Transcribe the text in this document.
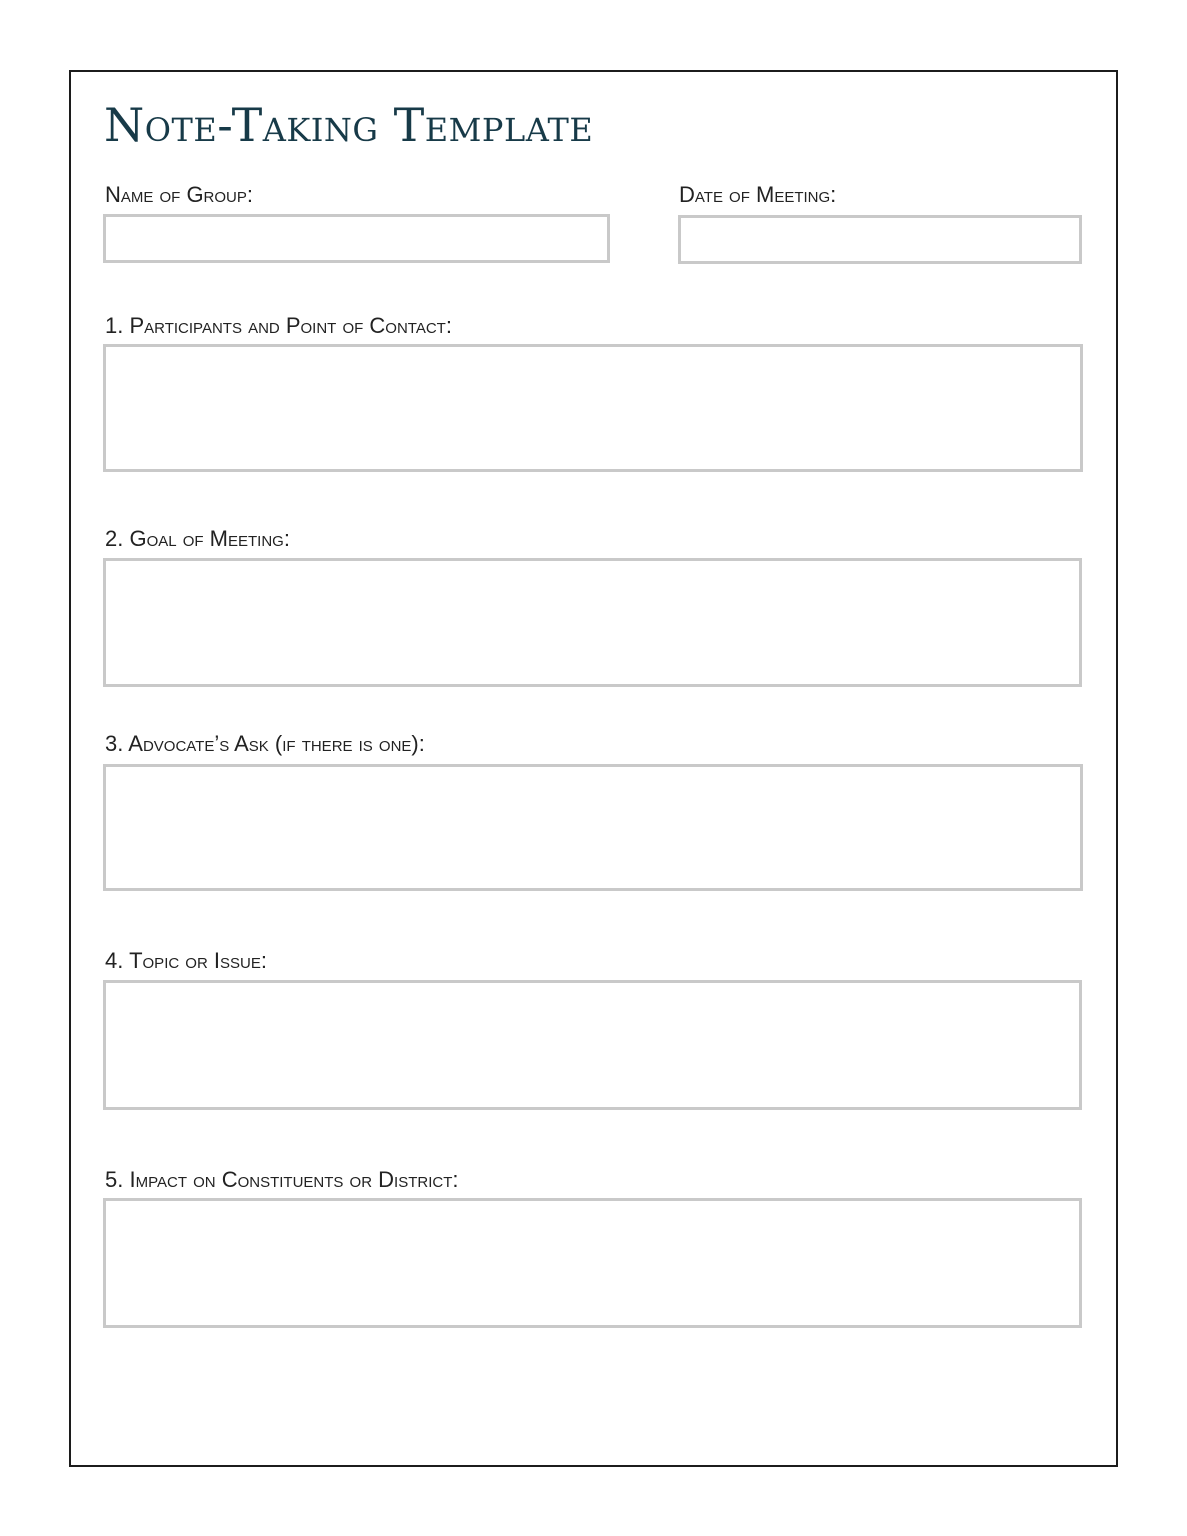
Note-Taking Template
Name of Group:	Date of Meeting:
1. Participants and Point of Contact:
2. Goal of Meeting:
3. Advocate’s Ask (if there is one):
4. Topic or Issue:
5. Impact on Constituents or District:
